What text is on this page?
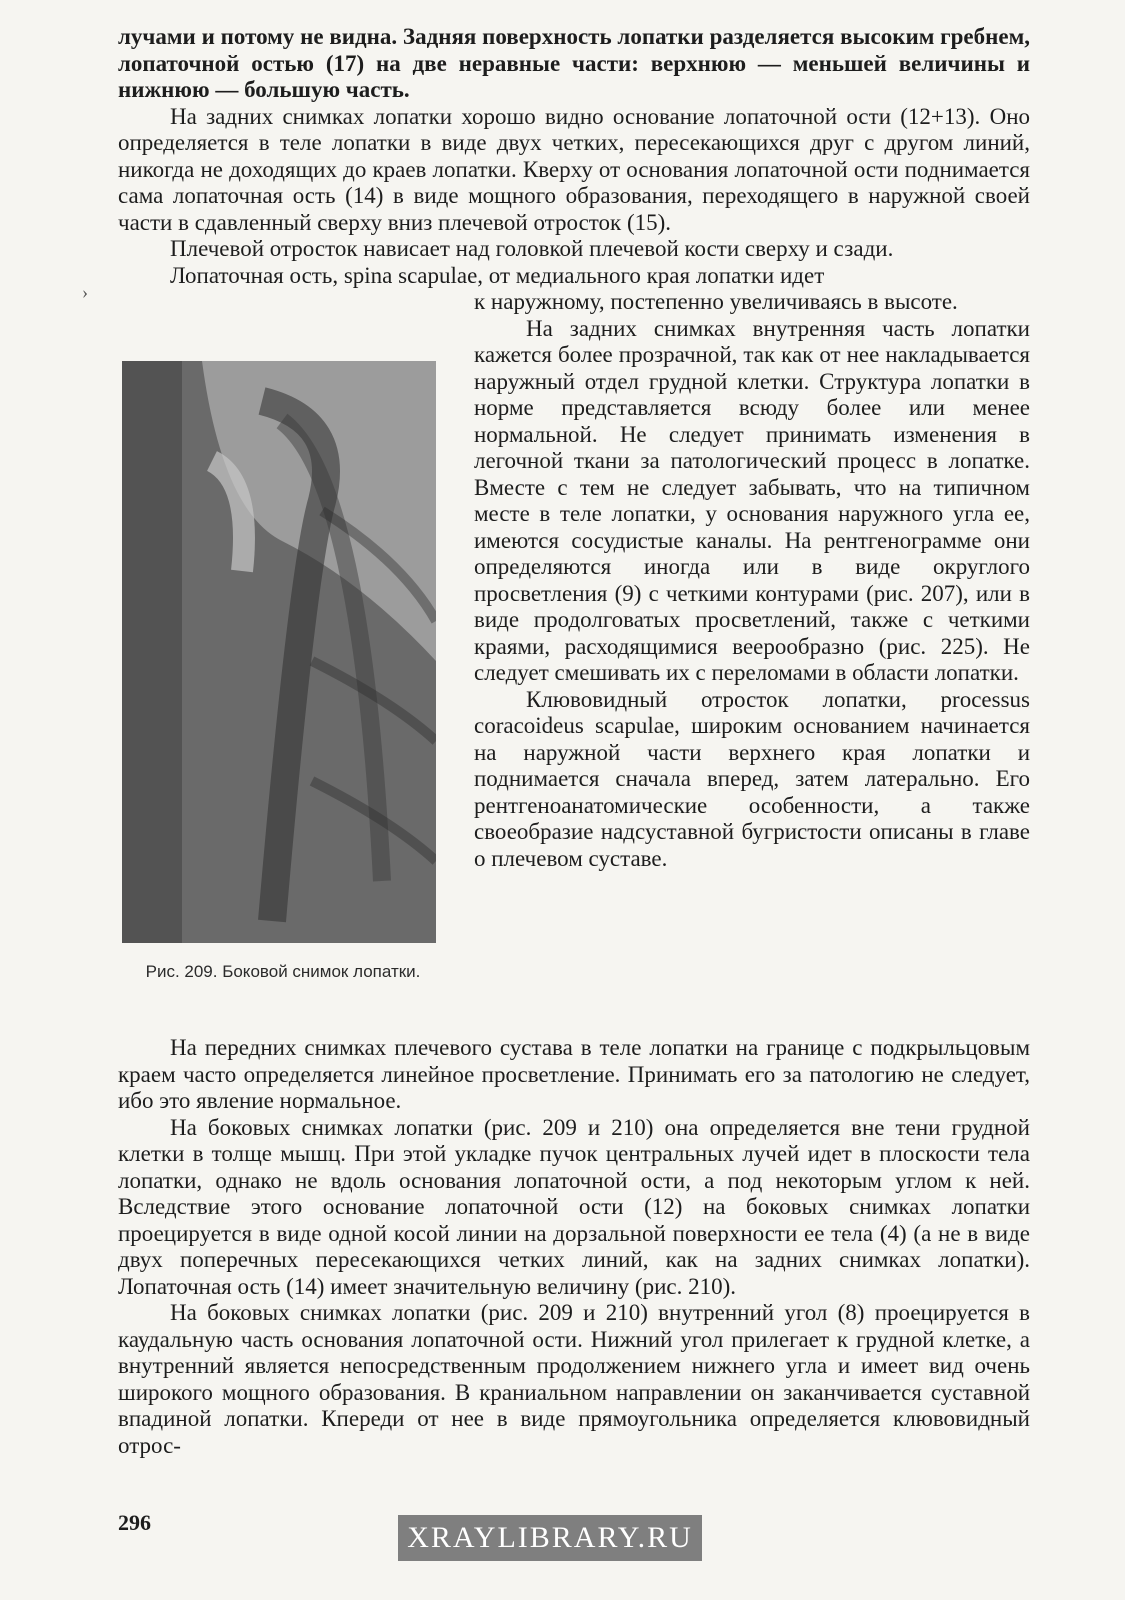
›

лучами и потому не видна. Задняя поверхность лопатки разделяется высоким гребнем, лопаточной остью (17) на две неравные части: верхнюю — меньшей величины и нижнюю — большую часть.

На задних снимках лопатки хорошо видно основание лопаточной ости (12+13). Оно определяется в теле лопатки в виде двух четких, пересекающихся друг с другом линий, никогда не доходящих до краев лопатки. Кверху от основания лопаточной ости поднимается сама лопаточная ость (14) в виде мощного образования, переходящего в наружной своей части в сдавленный сверху вниз плечевой отросток (15).

Плечевой отросток нависает над головкой плечевой кости сверху и сзади.

Лопаточная ость, spina scapulae, от медиального края лопатки идет

Рис. 209. Боковой снимок лопатки.

к наружному, постепенно увеличиваясь в высоте.

На задних снимках внутренняя часть лопатки кажется более прозрачной, так как от нее накладывается наружный отдел грудной клетки. Структура лопатки в норме представляется всюду более или менее нормальной. Не следует принимать изменения в легочной ткани за патологический процесс в лопатке. Вместе с тем не следует забывать, что на типичном месте в теле лопатки, у основания наружного угла ее, имеются сосудистые каналы. На рентгенограмме они определяются иногда или в виде округлого просветления (9) с четкими контурами (рис. 207), или в виде продолговатых просветлений, также с четкими краями, расходящимися веерообразно (рис. 225). Не следует смешивать их с переломами в области лопатки.

Клювовидный отросток лопатки, processus coracoideus scapulae, широким основанием начинается на наружной части верхнего края лопатки и поднимается сначала вперед, затем латерально. Его рентгеноанатомические особенности, а также своеобразие надсуставной бугристости описаны в главе о плечевом суставе.

На передних снимках плечевого сустава в теле лопатки на границе с подкрыльцовым краем часто определяется линейное просветление. Принимать его за патологию не следует, ибо это явление нормальное.

На боковых снимках лопатки (рис. 209 и 210) она определяется вне тени грудной клетки в толще мышц. При этой укладке пучок центральных лучей идет в плоскости тела лопатки, однако не вдоль основания лопаточной ости, а под некоторым углом к ней. Вследствие этого основание лопаточной ости (12) на боковых снимках лопатки проецируется в виде одной косой линии на дорзальной поверхности ее тела (4) (а не в виде двух поперечных пересекающихся четких линий, как на задних снимках лопатки). Лопаточная ость (14) имеет значительную величину (рис. 210).

На боковых снимках лопатки (рис. 209 и 210) внутренний угол (8) проецируется в каудальную часть основания лопаточной ости. Нижний угол прилегает к грудной клетке, а внутренний является непосредственным продолжением нижнего угла и имеет вид очень широкого мощного образования. В краниальном направлении он заканчивается суставной впадиной лопатки. Кпереди от нее в виде прямоугольника определяется клювовидный отрос-

296	XRAYLIBRARY.RU
